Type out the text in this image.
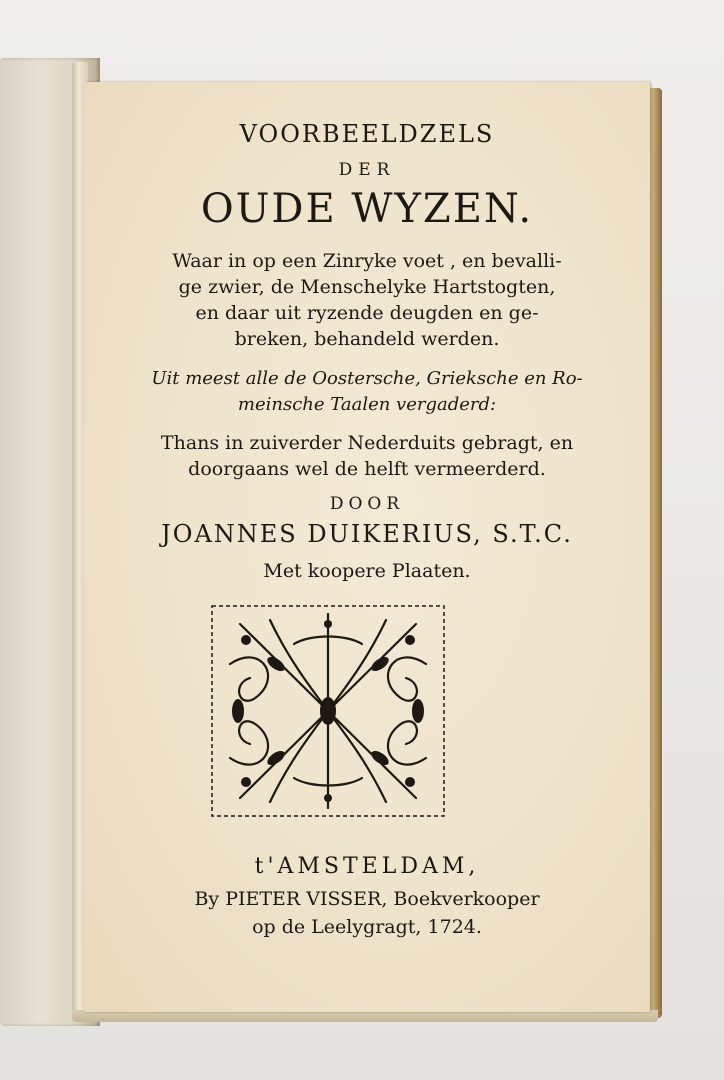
VOORBEELDZELS
DER
OUDE WYZEN.
Waar in op een Zinryke voet , en bevalli-
ge zwier, de Menschelyke Hartstogten,
en daar uit ryzende deugden en ge-
breken, behandeld werden.
Uit meest alle de Oostersche, Grieksche en Ro-
meinsche Taalen vergaderd:
Thans in zuiverder Nederduits gebragt, en
doorgaans wel de helft vermeerderd.
DOOR
JOANNES DUIKERIUS, S.T.C.
Met koopere Plaaten.
t'AMSTELDAM,
By PIETER VISSER, Boekverkooper
op de Leelygragt, 1724.
